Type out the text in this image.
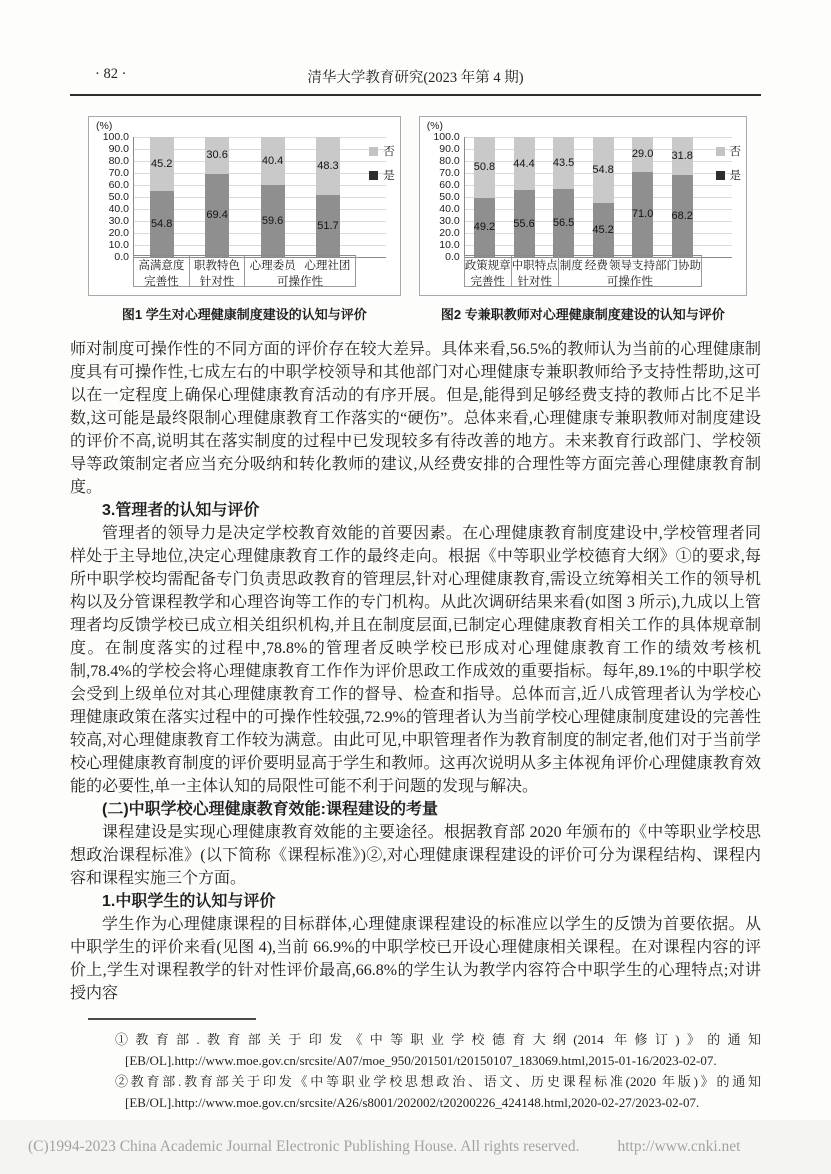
· 82 ·	清华大学教育研究(2023 年第 4 期)
(%)
100.0
90.0
80.0
70.0
60.0
50.0
40.0
30.0
20.0
10.0
0.0
45.2
54.8
30.6
69.4
40.4
59.6
48.3
51.7
否
是
高满意度
完善性
职教特色
针对性
心理委员 心理社团
可操作性
图1 学生对心理健康制度建设的认知与评价
(%)
100.0
90.0
80.0
70.0
60.0
50.0
40.0
30.0
20.0
10.0
0.0
50.8
49.2
44.4
55.6
43.5
56.5
54.8
45.2
29.0
71.0
31.8
68.2
否
是
政策规章
完善性
中职特点
针对性
制度 经费 领导支持 部门协助
可操作性
图2 专兼职教师对心理健康制度建设的认知与评价

师对制度可操作性的不同方面的评价存在较大差异。具体来看,56.5%的教师认为当前的心理健康制度具有可操作性,七成左右的中职学校领导和其他部门对心理健康专兼职教师给予支持性帮助,这可以在一定程度上确保心理健康教育活动的有序开展。但是,能得到足够经费支持的教师占比不足半数,这可能是最终限制心理健康教育工作落实的“硬伤”。总体来看,心理健康专兼职教师对制度建设的评价不高,说明其在落实制度的过程中已发现较多有待改善的地方。未来教育行政部门、学校领导等政策制定者应当充分吸纳和转化教师的建议,从经费安排的合理性等方面完善心理健康教育制度。

3.管理者的认知与评价

管理者的领导力是决定学校教育效能的首要因素。在心理健康教育制度建设中,学校管理者同样处于主导地位,决定心理健康教育工作的最终走向。根据《中等职业学校德育大纲》①的要求,每所中职学校均需配备专门负责思政教育的管理层,针对心理健康教育,需设立统筹相关工作的领导机构以及分管课程教学和心理咨询等工作的专门机构。从此次调研结果来看(如图 3 所示),九成以上管理者均反馈学校已成立相关组织机构,并且在制度层面,已制定心理健康教育相关工作的具体规章制度。在制度落实的过程中,78.8%的管理者反映学校已形成对心理健康教育工作的绩效考核机制,78.4%的学校会将心理健康教育工作作为评价思政工作成效的重要指标。每年,89.1%的中职学校会受到上级单位对其心理健康教育工作的督导、检查和指导。总体而言,近八成管理者认为学校心理健康政策在落实过程中的可操作性较强,72.9%的管理者认为当前学校心理健康制度建设的完善性较高,对心理健康教育工作较为满意。由此可见,中职管理者作为教育制度的制定者,他们对于当前学校心理健康教育制度的评价要明显高于学生和教师。这再次说明从多主体视角评价心理健康教育效能的必要性,单一主体认知的局限性可能不利于问题的发现与解决。

(二)中职学校心理健康教育效能:课程建设的考量

课程建设是实现心理健康教育效能的主要途径。根据教育部 2020 年颁布的《中等职业学校思想政治课程标准》(以下简称《课程标准》)②,对心理健康课程建设的评价可分为课程结构、课程内容和课程实施三个方面。

1.中职学生的认知与评价

学生作为心理健康课程的目标群体,心理健康课程建设的标准应以学生的反馈为首要依据。从中职学生的评价来看(见图 4),当前 66.9%的中职学校已开设心理健康相关课程。在对课程内容的评价上,学生对课程教学的针对性评价最高,66.8%的学生认为教学内容符合中职学生的心理特点;对讲授内容

①教育部.教育部关于印发《中等职业学校德育大纲(2014 年修订)》的通知[EB/OL].http://www.moe.gov.cn/srcsite/A07/moe_950/201501/t20150107_183069.html,2015-01-16/2023-02-07.

②教育部.教育部关于印发《中等职业学校思想政治、语文、历史课程标准(2020 年版)》的通知[EB/OL].http://www.moe.gov.cn/srcsite/A26/s8001/202002/t20200226_424148.html,2020-02-27/2023-02-07.

(C)1994-2023 China Academic Journal Electronic Publishing House. All rights reserved. http://www.cnki.net
